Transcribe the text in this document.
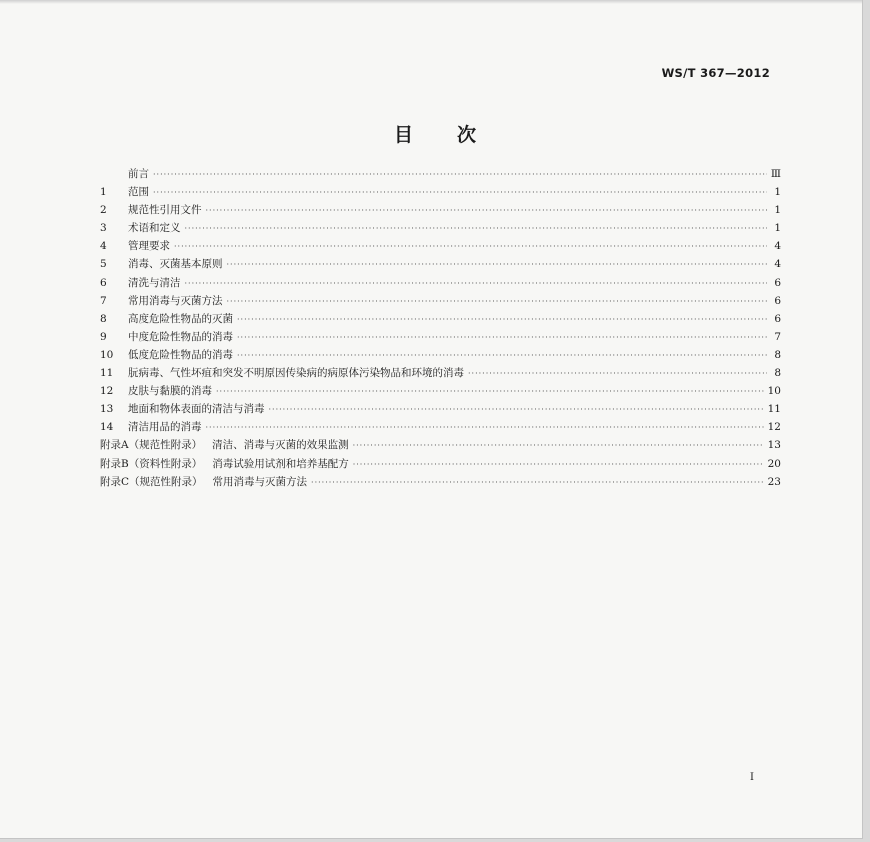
WS/T 367—2012
目次
前言 ·····	Ⅲ
1	范围 ·····	1
2	规范性引用文件 ·····	1
3	术语和定义 ·····	1
4	管理要求 ·····	4
5	消毒、灭菌基本原则 ·····	4
6	清洗与清洁 ·····	6
7	常用消毒与灭菌方法 ·····	6
8	高度危险性物品的灭菌 ·····	6
9	中度危险性物品的消毒 ·····	7
10	低度危险性物品的消毒 ·····	8
11	朊病毒、气性坏疽和突发不明原因传染病的病原体污染物品和环境的消毒 ·····	8
12	皮肤与黏膜的消毒 ·····	10
13	地面和物体表面的清洁与消毒 ·····	11
14	清洁用品的消毒 ·····	12
附录A（规范性附录） 清洁、消毒与灭菌的效果监测 ·····	13
附录B（资料性附录） 消毒试验用试剂和培养基配方 ·····	20
附录C（规范性附录） 常用消毒与灭菌方法 ·····	23
I
